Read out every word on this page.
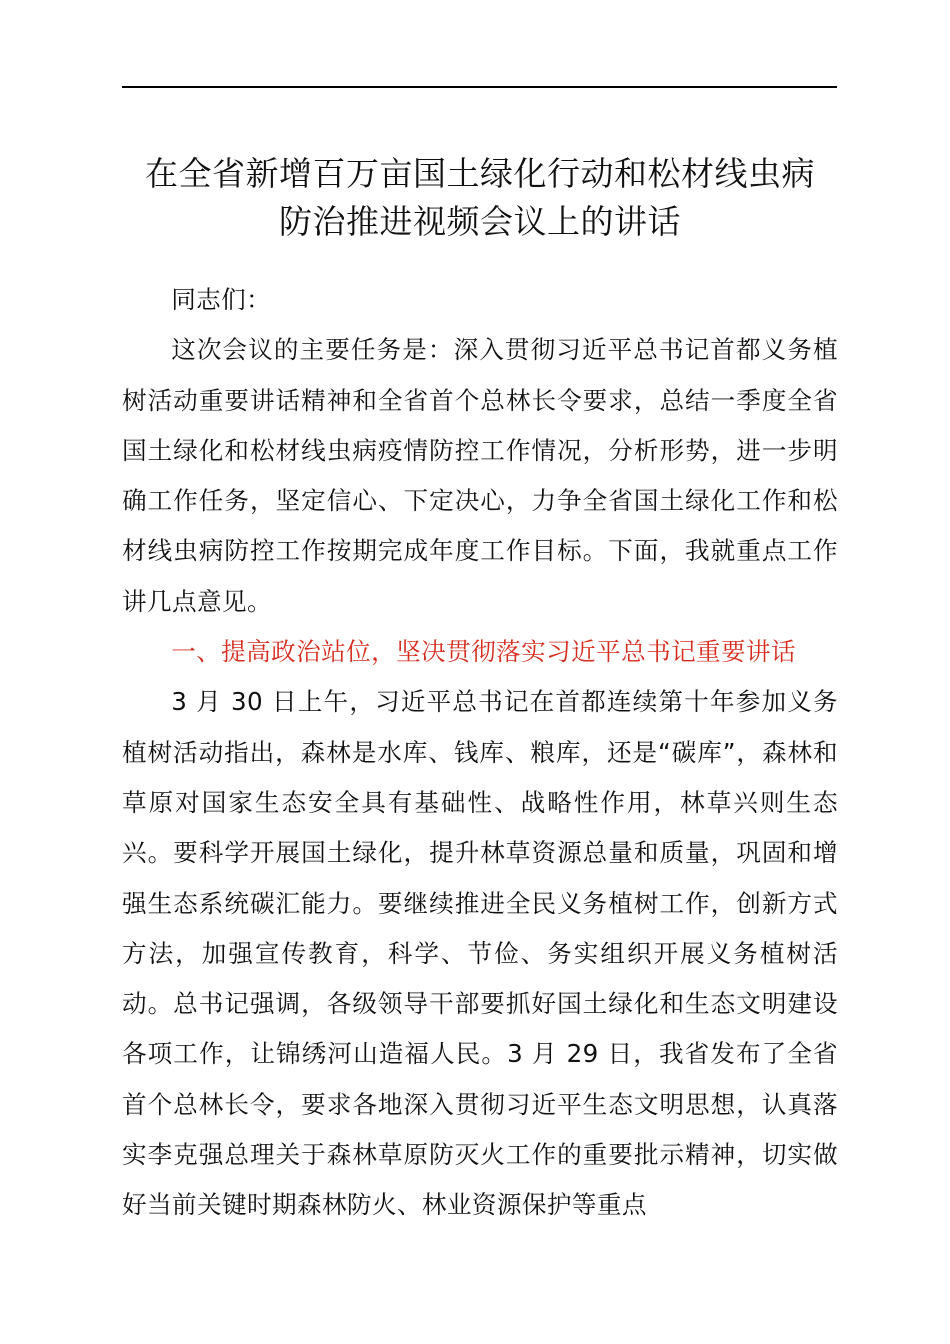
在全省新增百万亩国土绿化行动和松材线虫病
防治推进视频会议上的讲话

同志们：

这次会议的主要任务是：深入贯彻习近平总书记首都义务植树活动重要讲话精神和全省首个总林长令要求，总结一季度全省国土绿化和松材线虫病疫情防控工作情况，分析形势，进一步明确工作任务，坚定信心、下定决心，力争全省国土绿化工作和松材线虫病防控工作按期完成年度工作目标。下面，我就重点工作讲几点意见。

一、提高政治站位，坚决贯彻落实习近平总书记重要讲话

3 月 30 日上午，习近平总书记在首都连续第十年参加义务植树活动指出，森林是水库、钱库、粮库，还是“碳库”，森林和草原对国家生态安全具有基础性、战略性作用，林草兴则生态兴。要科学开展国土绿化，提升林草资源总量和质量，巩固和增强生态系统碳汇能力。要继续推进全民义务植树工作，创新方式方法，加强宣传教育，科学、节俭、务实组织开展义务植树活动。总书记强调，各级领导干部要抓好国土绿化和生态文明建设各项工作，让锦绣河山造福人民。3 月 29 日，我省发布了全省首个总林长令，要求各地深入贯彻习近平生态文明思想，认真落实李克强总理关于森林草原防灭火工作的重要批示精神，切实做好当前关键时期森林防火、林业资源保护等重点
